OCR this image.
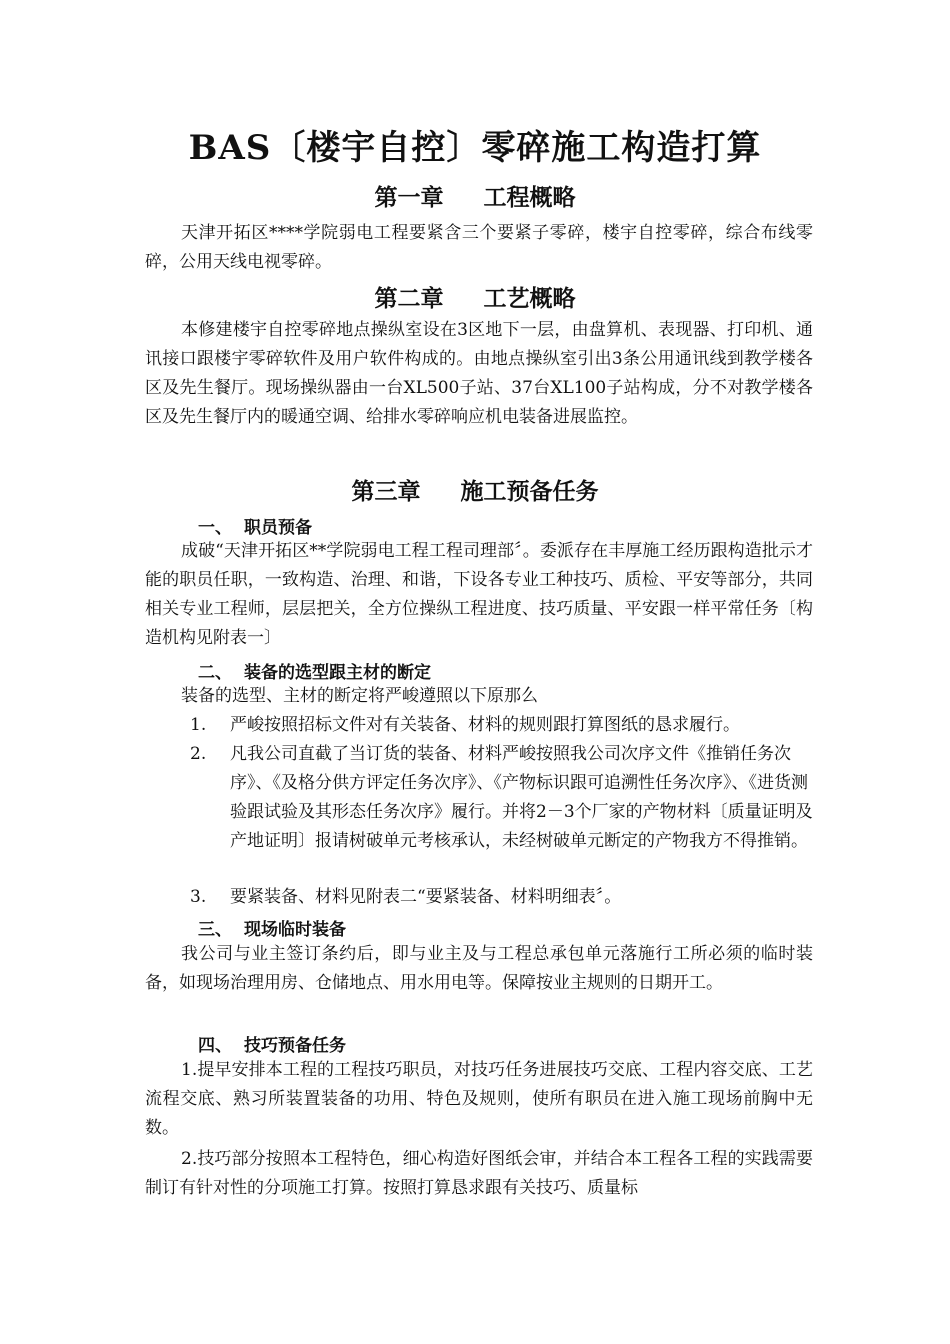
BAS〔楼宇自控〕零碎施工构造打算
第一章 工程概略
天津开拓区****学院弱电工程要紧含三个要紧子零碎，楼宇自控零碎，综合布线零碎，公用天线电视零碎。
第二章 工艺概略
本修建楼宇自控零碎地点操纵室设在3区地下一层，由盘算机、表现器、打印机、通讯接口跟楼宇零碎软件及用户软件构成的。由地点操纵室引出3条公用通讯线到教学楼各区及先生餐厅。现场操纵器由一台XL500子站、37台XL100子站构成，分不对教学楼各区及先生餐厅内的暖通空调、给排水零碎响应机电装备进展监控。
第三章 施工预备任务
一、 职员预备
成破“天津开拓区**学院弱电工程工程司理部〞。委派存在丰厚施工经历跟构造批示才能的职员任职，一致构造、治理、和谐，下设各专业工种技巧、质检、平安等部分，共同相关专业工程师，层层把关，全方位操纵工程进度、技巧质量、平安跟一样平常任务〔构造机构见附表一〕
二、 装备的选型跟主材的断定
装备的选型、主材的断定将严峻遵照以下原那么
1. 严峻按照招标文件对有关装备、材料的规则跟打算图纸的恳求履行。
2. 凡我公司直截了当订货的装备、材料严峻按照我公司次序文件《推销任务次序》、《及格分供方评定任务次序》、《产物标识跟可追溯性任务次序》、《进货测验跟试验及其形态任务次序》履行。并将2－3个厂家的产物材料〔质量证明及产地证明〕报请树破单元考核承认，未经树破单元断定的产物我方不得推销。
3. 要紧装备、材料见附表二“要紧装备、材料明细表〞。
三、 现场临时装备
我公司与业主签订条约后，即与业主及与工程总承包单元落施行工所必须的临时装备，如现场治理用房、仓储地点、用水用电等。保障按业主规则的日期开工。
四、 技巧预备任务
1.提早安排本工程的工程技巧职员，对技巧任务进展技巧交底、工程内容交底、工艺流程交底、熟习所装置装备的功用、特色及规则，使所有职员在进入施工现场前胸中无数。
2.技巧部分按照本工程特色，细心构造好图纸会审，并结合本工程各工程的实践需要制订有针对性的分项施工打算。按照打算恳求跟有关技巧、质量标
